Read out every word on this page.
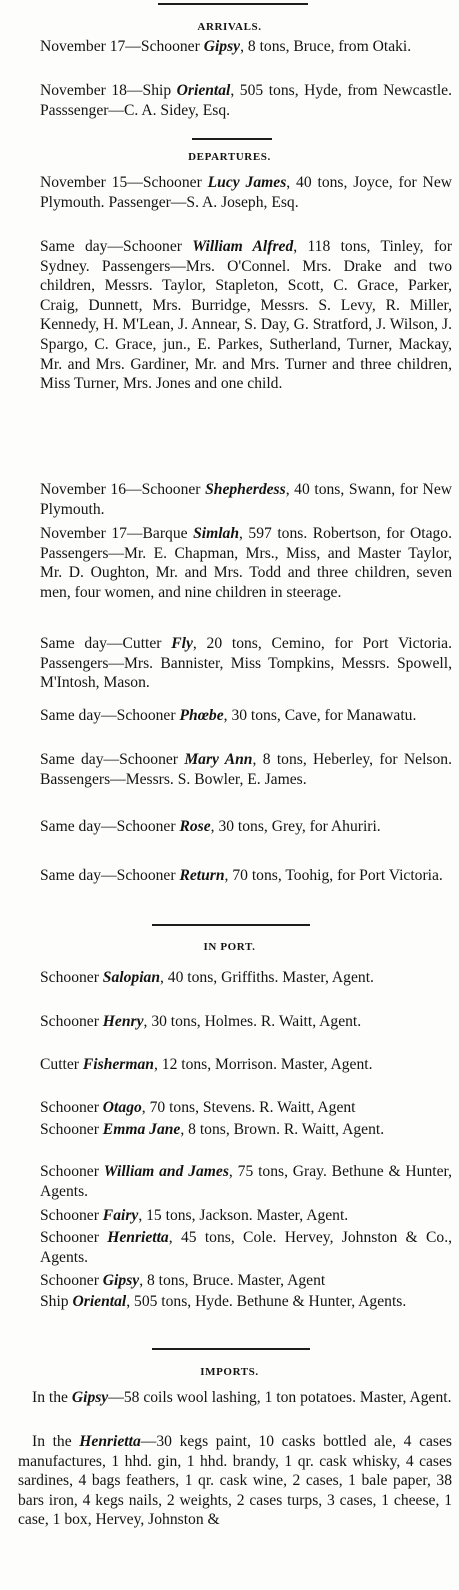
ARRIVALS.
November 17—Schooner Gipsy, 8 tons, Bruce, from Otaki.
November 18—Ship Oriental, 505 tons, Hyde, from Newcastle. Passsenger—C. A. Sidey, Esq.
DEPARTURES.
November 15—Schooner Lucy James, 40 tons, Joyce, for New Plymouth. Passenger—S. A. Joseph, Esq.
Same day—Schooner William Alfred, 118 tons, Tinley, for Sydney. Passengers—Mrs. O'Connel. Mrs. Drake and two children, Messrs. Taylor, Stapleton, Scott, C. Grace, Parker, Craig, Dunnett, Mrs. Burridge, Messrs. S. Levy, R. Miller, Kennedy, H. M'Lean, J. Annear, S. Day, G. Stratford, J. Wilson, J. Spargo, C. Grace, jun., E. Parkes, Sutherland, Turner, Mackay, Mr. and Mrs. Gardiner, Mr. and Mrs. Turner and three children, Miss Turner, Mrs. Jones and one child.
November 16—Schooner Shepherdess, 40 tons, Swann, for New Plymouth.
November 17—Barque Simlah, 597 tons. Robertson, for Otago. Passengers—Mr. E. Chapman, Mrs., Miss, and Master Taylor, Mr. D. Oughton, Mr. and Mrs. Todd and three children, seven men, four women, and nine children in steerage.
Same day—Cutter Fly, 20 tons, Cemino, for Port Victoria. Passengers—Mrs. Bannister, Miss Tompkins, Messrs. Spowell, M'Intosh, Mason.
Same day—Schooner Phœbe, 30 tons, Cave, for Manawatu.
Same day—Schooner Mary Ann, 8 tons, Heberley, for Nelson. Bassengers—Messrs. S. Bowler, E. James.
Same day—Schooner Rose, 30 tons, Grey, for Ahuriri.
Same day—Schooner Return, 70 tons, Toohig, for Port Victoria.
IN PORT.
Schooner Salopian, 40 tons, Griffiths. Master, Agent.
Schooner Henry, 30 tons, Holmes. R. Waitt, Agent.
Cutter Fisherman, 12 tons, Morrison. Master, Agent.
Schooner Otago, 70 tons, Stevens. R. Waitt, Agent
Schooner Emma Jane, 8 tons, Brown. R. Waitt, Agent.
Schooner William and James, 75 tons, Gray. Bethune & Hunter, Agents.
Schooner Fairy, 15 tons, Jackson. Master, Agent.
Schooner Henrietta, 45 tons, Cole. Hervey, Johnston & Co., Agents.
Schooner Gipsy, 8 tons, Bruce. Master, Agent
Ship Oriental, 505 tons, Hyde. Bethune & Hunter, Agents.
IMPORTS.

In the Gipsy—58 coils wool lashing, 1 ton potatoes. Master, Agent.

In the Henrietta—30 kegs paint, 10 casks bottled ale, 4 cases manufactures, 1 hhd. gin, 1 hhd. brandy, 1 qr. cask whisky, 4 cases sardines, 4 bags feathers, 1 qr. cask wine, 2 cases, 1 bale paper, 38 bars iron, 4 kegs nails, 2 weights, 2 cases turps, 3 cases, 1 cheese, 1 case, 1 box, Hervey, Johnston &
